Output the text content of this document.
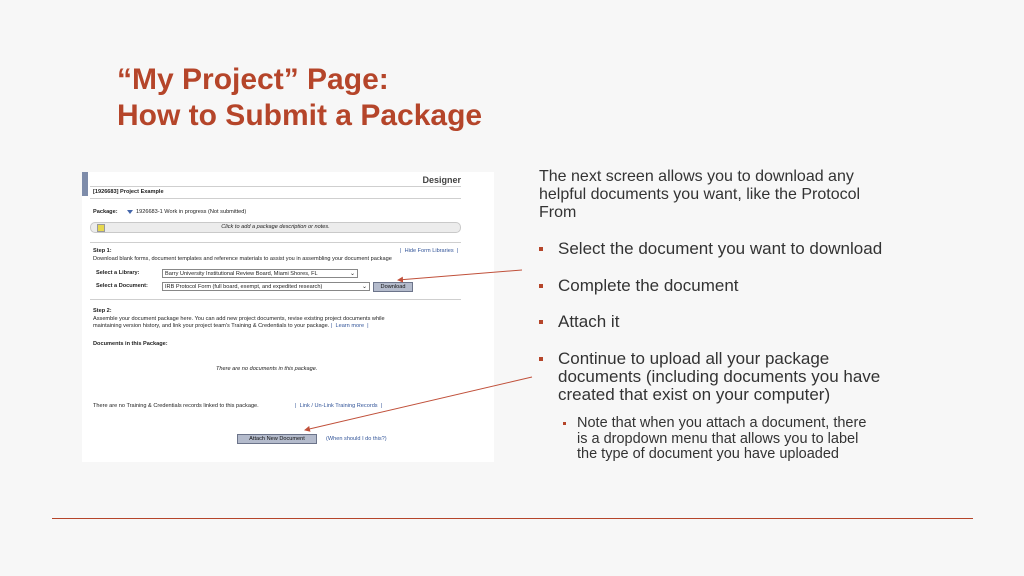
“My Project” Page:
How to Submit a Package
Designer
[1926683] Project Example
Package:	1926683-1 Work in progress (Not submitted)
Click to add a package description or notes.
Step 1:	|  Hide Form Libraries  |
Download blank forms, document templates and reference materials to assist you in assembling your document package
Select a Library:	Barry University Institutional Review Board, Miami Shores, FL	⌄
Select a Document:	IRB Protocol Form (full board, exempt, and expedited research)	⌄	Download
Step 2:
Assemble your document package here. You can add new project documents, revise existing project documents while
maintaining version history, and link your project team's Training & Credentials to your package. |  Learn more  |
Documents in this Package:
There are no documents in this package.
There are no Training & Credentials records linked to this package.	|  Link / Un-Link Training Records  |
Attach New Document	(When should I do this?)

The next screen allows you to download any
helpful documents you want, like the Protocol
From

Select the document you want to download
Complete the document
Attach it
Continue to upload all your package
documents (including documents you have
created that exist on your computer)
Note that when you attach a document, there
is a dropdown menu that allows you to label
the type of document you have uploaded
